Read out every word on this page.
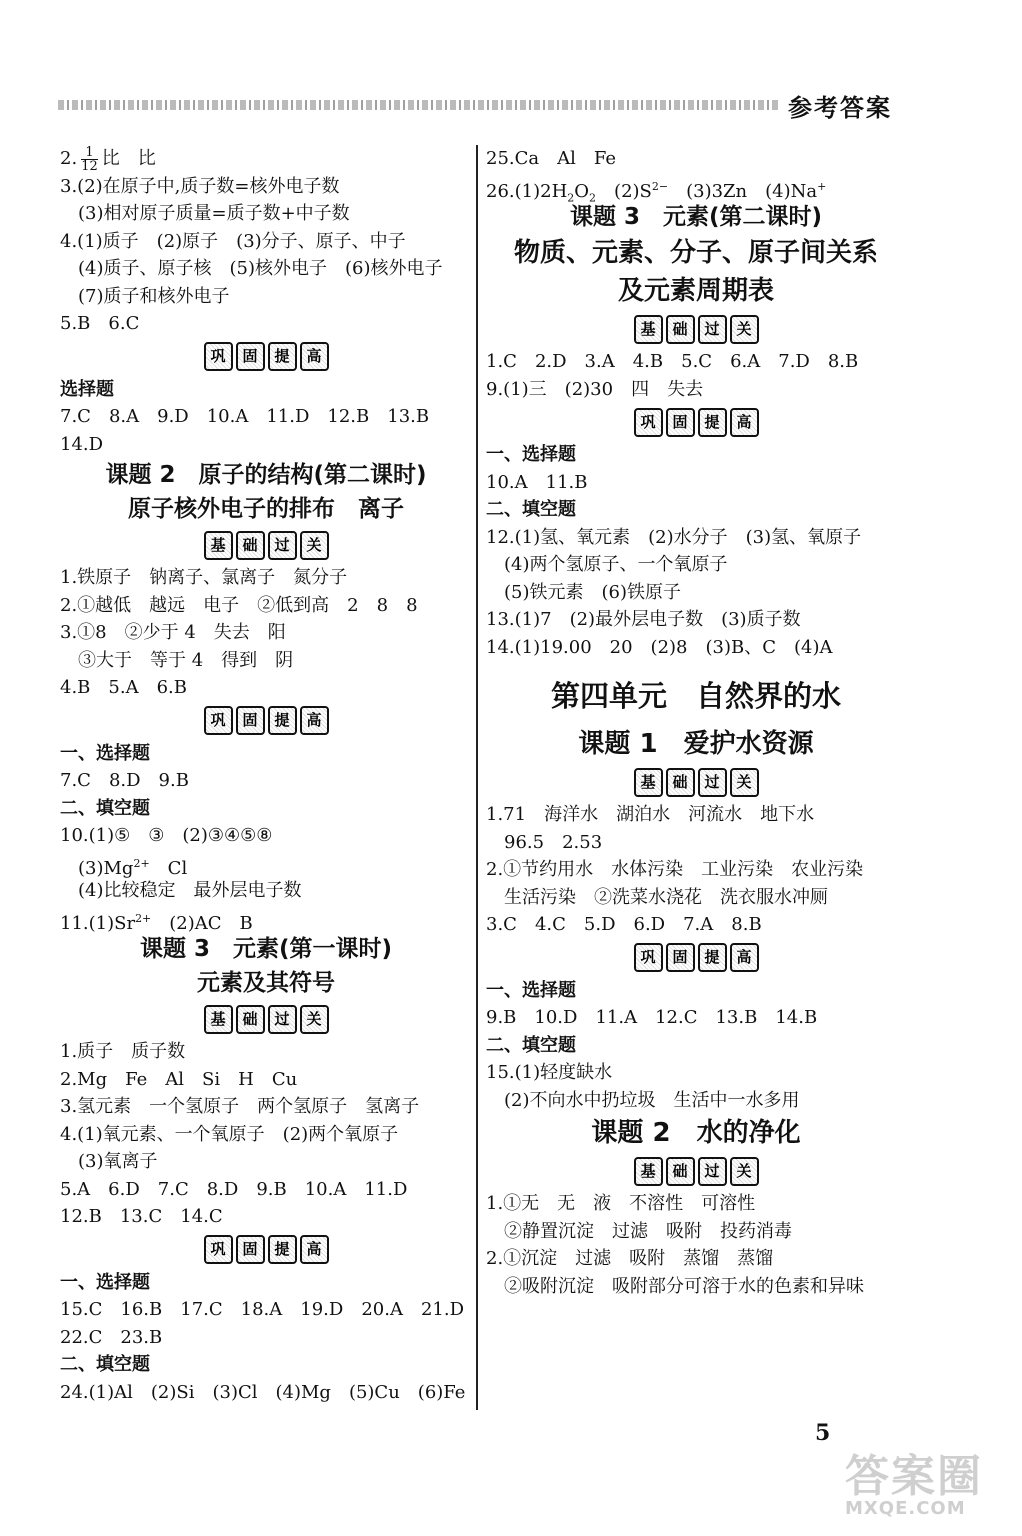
参考答案
2. $\frac{1}{12}$ 比　比
3.(2)在原子中,质子数=核外电子数
(3)相对原子质量=质子数+中子数
4.(1)质子　(2)原子　(3)分子、原子、中子
(4)质子、原子核　(5)核外电子　(6)核外电子
(7)质子和核外电子
5.B　6.C
巩	固	提	高
选择题
7.C　8.A　9.D　10.A　11.D　12.B　13.B
14.D
课题 2　原子的结构(第二课时)
原子核外电子的排布　离子
基	础	过	关
1.铁原子　钠离子、氯离子　氮分子
2.①越低　越远　电子　②低到高　2　8　8
3.①8　②少于 4　失去　阳
③大于　等于 4　得到　阴
4.B　5.A　6.B
巩	固	提	高
一、选择题
7.C　8.D　9.B
二、填空题
10.(1)⑤　③　(2)③④⑤⑧
$(3)Mg^{2+}$　Cl
(4)比较稳定　最外层电子数
$11.(1)Sr^{2+}$　(2)AC　B
课题 3　元素(第一课时)
元素及其符号
基	础	过	关
1.质子　质子数
2.Mg　Fe　Al　Si　H　Cu
3.氢元素　一个氢原子　两个氢原子　氢离子
4.(1)氧元素、一个氧原子　(2)两个氧原子
(3)氧离子
5.A　6.D　7.C　8.D　9.B　10.A　11.D
12.B　13.C　14.C
巩	固	提	高
一、选择题
15.C　16.B　17.C　18.A　19.D　20.A　21.D
22.C　23.B
二、填空题
24.(1)Al　(2)Si　(3)Cl　(4)Mg　(5)Cu　(6)Fe
25.Ca　Al　Fe
$26.(1)2H_2O_2$　$(2)S^{2-}$　(3)3Zn　(4)Na+
课题 3　元素(第二课时)
物质、元素、分子、原子间关系
及元素周期表
基	础	过	关
1.C　2.D　3.A　4.B　5.C　6.A　7.D　8.B
9.(1)三　(2)30　四　失去
巩	固	提	高
一、选择题
10.A　11.B
二、填空题
12.(1)氢、氧元素　(2)水分子　(3)氢、氧原子
(4)两个氢原子、一个氧原子
(5)铁元素　(6)铁原子
13.(1)7　(2)最外层电子数　(3)质子数
14.(1)19.00　20　(2)8　(3)B、C　(4)A
第四单元　自然界的水
课题 1　爱护水资源
基	础	过	关
1.71　海洋水　湖泊水　河流水　地下水
96.5　2.53
2.①节约用水　水体污染　工业污染　农业污染
生活污染　②洗菜水浇花　洗衣服水冲厕
3.C　4.C　5.D　6.D　7.A　8.B
巩	固	提	高
一、选择题
9.B　10.D　11.A　12.C　13.B　14.B
二、填空题
15.(1)轻度缺水
(2)不向水中扔垃圾　生活中一水多用
课题 2　水的净化
基	础	过	关
1.①无　无　液　不溶性　可溶性
②静置沉淀　过滤　吸附　投药消毒
2.①沉淀　过滤　吸附　蒸馏　蒸馏
②吸附沉淀　吸附部分可溶于水的色素和异味
5
答案圈
MXQE.COM
